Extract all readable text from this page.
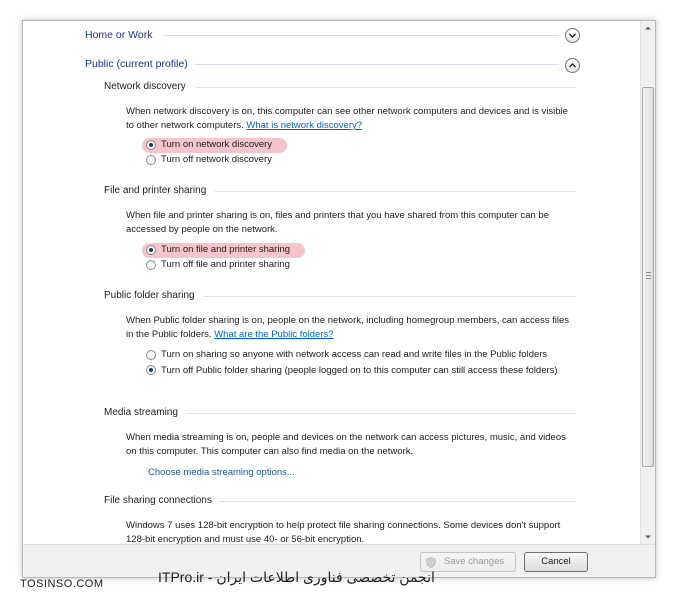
Home or Work
Public (current profile)
Network discovery
When network discovery is on, this computer can see other network computers and devices and is visible to other network computers. What is network discovery?
Turn on network discovery
Turn off network discovery
File and printer sharing
When file and printer sharing is on, files and printers that you have shared from this computer can be accessed by people on the network.
Turn on file and printer sharing
Turn off file and printer sharing
Public folder sharing
When Public folder sharing is on, people on the network, including homegroup members, can access files in the Public folders. What are the Public folders?
Turn on sharing so anyone with network access can read and write files in the Public folders
Turn off Public folder sharing (people logged on to this computer can still access these folders)
Media streaming
When media streaming is on, people and devices on the network can access pictures, music, and videos on this computer. This computer can also find media on the network.
Choose media streaming options...
File sharing connections
Windows 7 uses 128-bit encryption to help protect file sharing connections. Some devices don't support 128-bit encryption and must use 40- or 56-bit encryption.
Save changes	Cancel
TOSINSO.COM	انجمن تخصصی فناوری اطلاعات ایران - ITPro.ir
